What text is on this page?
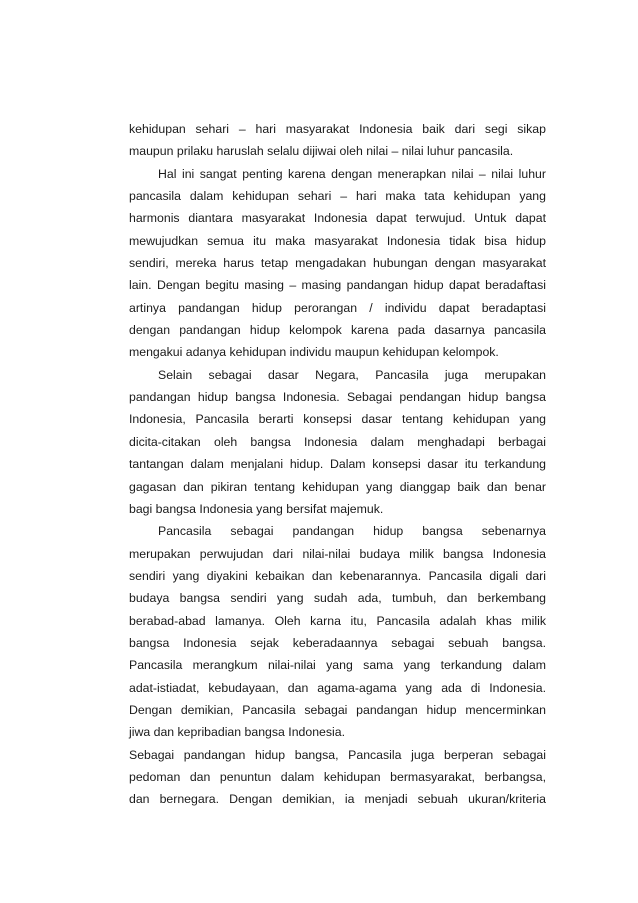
kehidupan sehari – hari masyarakat Indonesia baik dari segi sikap
maupun prilaku haruslah selalu dijiwai oleh nilai – nilai luhur pancasila.
Hal ini sangat penting karena dengan menerapkan nilai – nilai luhur
pancasila dalam kehidupan sehari – hari maka tata kehidupan yang
harmonis diantara masyarakat Indonesia dapat terwujud. Untuk dapat
mewujudkan semua itu maka masyarakat Indonesia tidak bisa hidup
sendiri, mereka harus tetap mengadakan hubungan dengan masyarakat
lain. Dengan begitu masing – masing pandangan hidup dapat beradaftasi
artinya pandangan hidup perorangan / individu dapat beradaptasi
dengan pandangan hidup kelompok karena pada dasarnya pancasila
mengakui adanya kehidupan individu maupun kehidupan kelompok.
Selain sebagai dasar Negara, Pancasila juga merupakan
pandangan hidup bangsa Indonesia. Sebagai pendangan hidup bangsa
Indonesia, Pancasila berarti konsepsi dasar tentang kehidupan yang
dicita-citakan oleh bangsa Indonesia dalam menghadapi berbagai
tantangan dalam menjalani hidup. Dalam konsepsi dasar itu terkandung
gagasan dan pikiran tentang kehidupan yang dianggap baik dan benar
bagi bangsa Indonesia yang bersifat majemuk.
Pancasila sebagai pandangan hidup bangsa sebenarnya
merupakan perwujudan dari nilai-nilai budaya milik bangsa Indonesia
sendiri yang diyakini kebaikan dan kebenarannya. Pancasila digali dari
budaya bangsa sendiri yang sudah ada, tumbuh, dan berkembang
berabad-abad lamanya. Oleh karna itu, Pancasila adalah khas milik
bangsa Indonesia sejak keberadaannya sebagai sebuah bangsa.
Pancasila merangkum nilai-nilai yang sama yang terkandung dalam
adat-istiadat, kebudayaan, dan agama-agama yang ada di Indonesia.
Dengan demikian, Pancasila sebagai pandangan hidup mencerminkan
jiwa dan kepribadian bangsa Indonesia.
Sebagai pandangan hidup bangsa, Pancasila juga berperan sebagai
pedoman dan penuntun dalam kehidupan bermasyarakat, berbangsa,
dan bernegara. Dengan demikian, ia menjadi sebuah ukuran/kriteria
